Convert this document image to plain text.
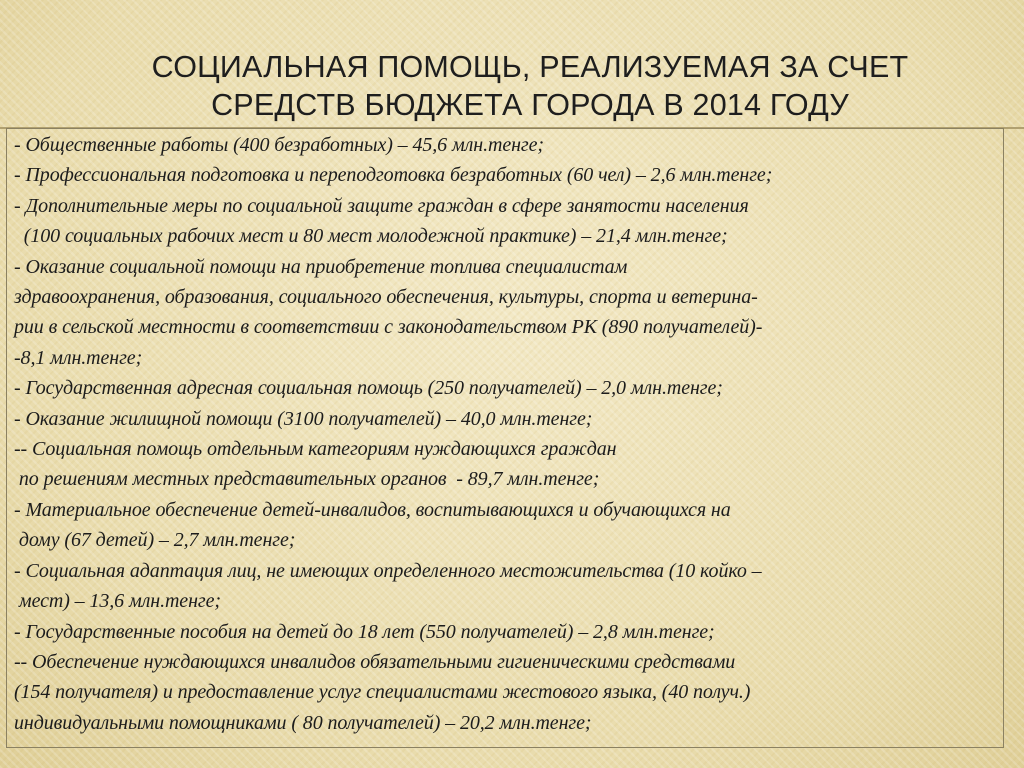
СОЦИАЛЬНАЯ ПОМОЩЬ, РЕАЛИЗУЕМАЯ ЗА СЧЕТ
СРЕДСТВ БЮДЖЕТА ГОРОДА В 2014 ГОДУ
- Общественные работы (400 безработных) – 45,6 млн.тенге;
- Профессиональная подготовка и переподготовка безработных (60 чел) – 2,6 млн.тенге;
- Дополнительные меры по социальной защите граждан в сфере занятости населения
(100 социальных рабочих мест и 80 мест молодежной практике) – 21,4 млн.тенге;
- Оказание социальной помощи на приобретение топлива специалистам
здравоохранения, образования, социального обеспечения, культуры, спорта и ветерина-
рии в сельской местности в соответствии с законодательством РК (890 получателей)-
-8,1 млн.тенге;
- Государственная адресная социальная помощь (250 получателей) – 2,0 млн.тенге;
- Оказание жилищной помощи (3100 получателей) – 40,0 млн.тенге;
-- Социальная помощь отдельным категориям нуждающихся граждан
по решениям местных представительных органов  - 89,7 млн.тенге;
- Материальное обеспечение детей-инвалидов, воспитывающихся и обучающихся на
дому (67 детей) – 2,7 млн.тенге;
- Социальная адаптация лиц, не имеющих определенного местожительства (10 койко –
мест) – 13,6 млн.тенге;
- Государственные пособия на детей до 18 лет (550 получателей) – 2,8 млн.тенге;
-- Обеспечение нуждающихся инвалидов обязательными гигиеническими средствами
(154 получателя) и предоставление услуг специалистами жестового языка, (40 получ.)
индивидуальными помощниками ( 80 получателей) – 20,2 млн.тенге;
